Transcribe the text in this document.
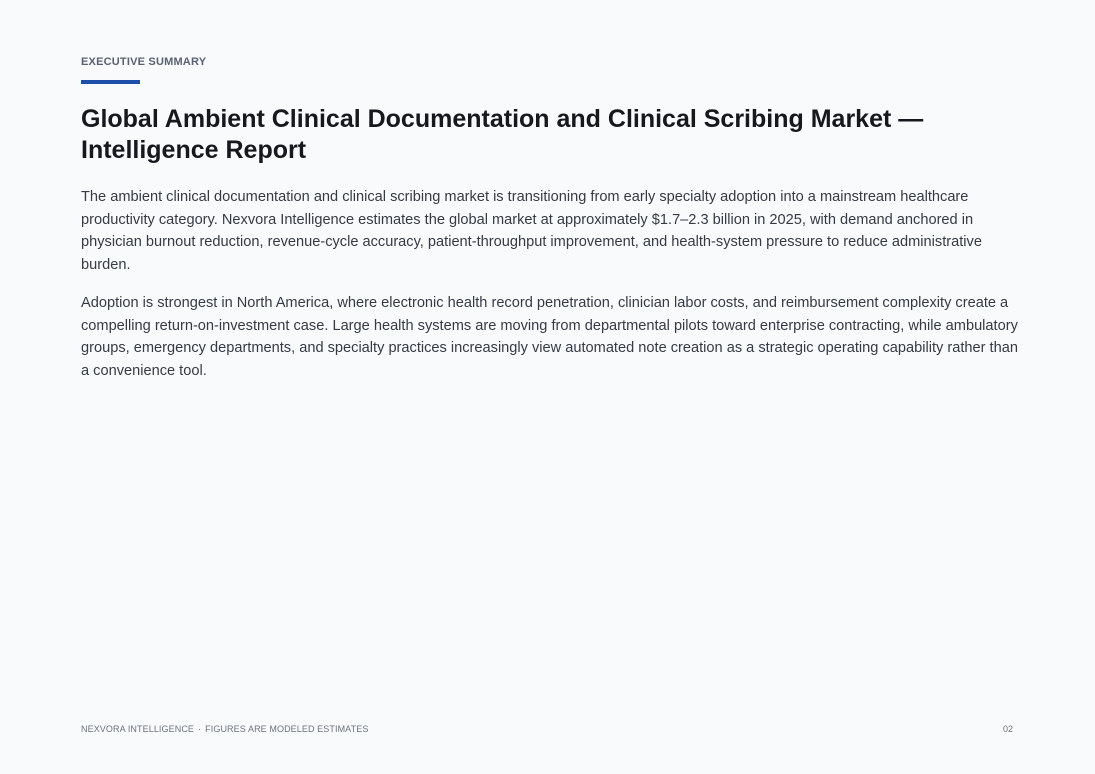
EXECUTIVE SUMMARY
Global Ambient Clinical Documentation and Clinical Scribing Market — Intelligence Report

The ambient clinical documentation and clinical scribing market is transitioning from early specialty adoption into a mainstream healthcare productivity category. Nexvora Intelligence estimates the global market at approximately $1.7–2.3 billion in 2025, with demand anchored in physician burnout reduction, revenue-cycle accuracy, patient-throughput improvement, and health-system pressure to reduce administrative burden.

Adoption is strongest in North America, where electronic health record penetration, clinician labor costs, and reimbursement complexity create a compelling return-on-investment case. Large health systems are moving from departmental pilots toward enterprise contracting, while ambulatory groups, emergency departments, and specialty practices increasingly view automated note creation as a strategic operating capability rather than a convenience tool.

NEXVORA INTELLIGENCE · FIGURES ARE MODELED ESTIMATES	02
